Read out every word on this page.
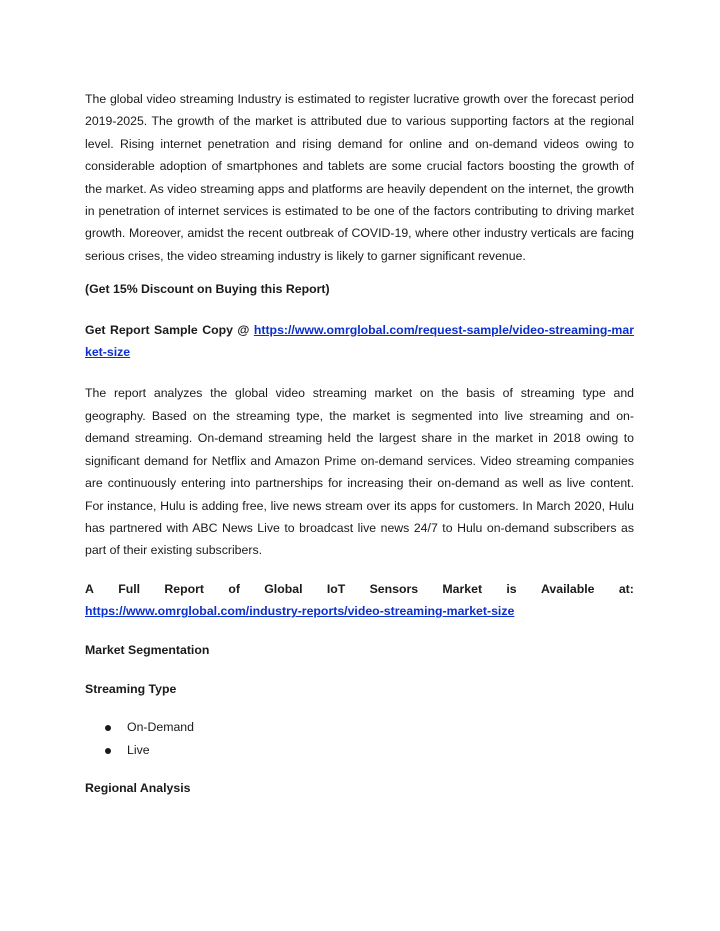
The global video streaming Industry is estimated to register lucrative growth over the forecast period 2019-2025. The growth of the market is attributed due to various supporting factors at the regional level. Rising internet penetration and rising demand for online and on-demand videos owing to considerable adoption of smartphones and tablets are some crucial factors boosting the growth of the market. As video streaming apps and platforms are heavily dependent on the internet, the growth in penetration of internet services is estimated to be one of the factors contributing to driving market growth. Moreover, amidst the recent outbreak of COVID-19, where other industry verticals are facing serious crises, the video streaming industry is likely to garner significant revenue.

(Get 15% Discount on Buying this Report)

Get Report Sample Copy @ https://www.omrglobal.com/request-sample/video-streaming-market-size

The report analyzes the global video streaming market on the basis of streaming type and geography. Based on the streaming type, the market is segmented into live streaming and on-demand streaming. On-demand streaming held the largest share in the market in 2018 owing to significant demand for Netflix and Amazon Prime on-demand services. Video streaming companies are continuously entering into partnerships for increasing their on-demand as well as live content. For instance, Hulu is adding free, live news stream over its apps for customers. In March 2020, Hulu has partnered with ABC News Live to broadcast live news 24/7 to Hulu on-demand subscribers as part of their existing subscribers.

A Full Report of Global IoT Sensors Market is Available at:
https://www.omrglobal.com/industry-reports/video-streaming-market-size

Market Segmentation

Streaming Type

On-Demand
Live

Regional Analysis
